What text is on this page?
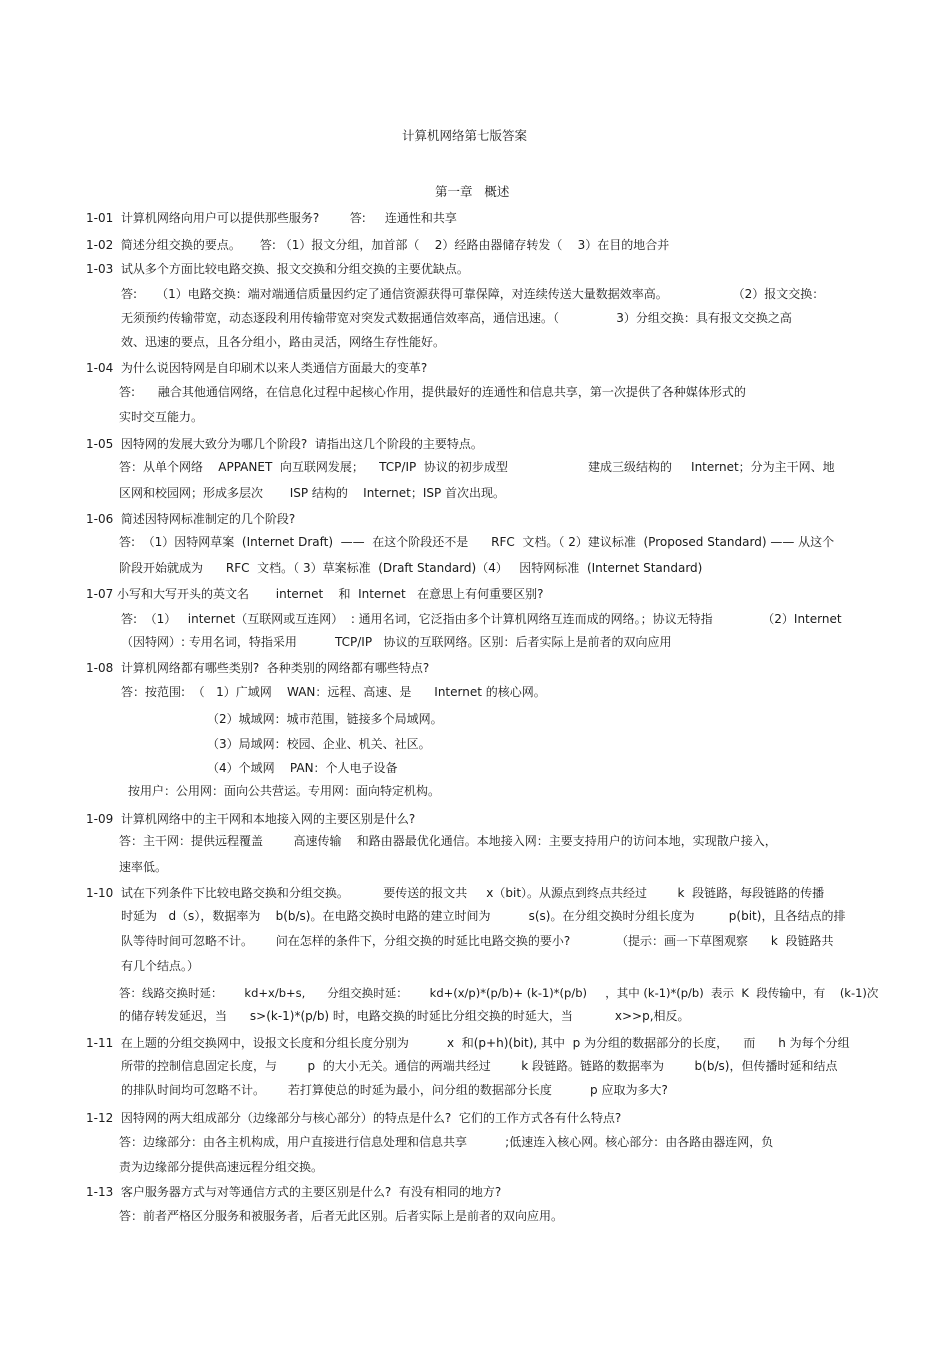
计算机网络第七版答案
第一章   概述
1-01  计算机网络向用户可以提供那些服务?        答:     连通性和共享
1-02  简述分组交换的要点。     答: （1）报文分组，加首部（    2）经路由器储存转发（    3）在目的地合并
1-03  试从多个方面比较电路交换、报文交换和分组交换的主要优缺点。
答:     （1）电路交换：端对端通信质量因约定了通信资源获得可靠保障，对连续传送大量数据效率高。                 （2）报文交换：
无须预约传输带宽，动态逐段利用传输带宽对突发式数据通信效率高，通信迅速。（               3）分组交换：具有报文交换之高
效、迅速的要点，且各分组小，路由灵活，网络生存性能好。
1-04  为什么说因特网是自印刷术以来人类通信方面最大的变革?
答:      融合其他通信网络，在信息化过程中起核心作用，提供最好的连通性和信息共享，第一次提供了各种媒体形式的
实时交互能力。
1-05  因特网的发展大致分为哪几个阶段?  请指出这几个阶段的主要特点。
答：从单个网络    APPANET  向互联网发展；    TCP/IP  协议的初步成型                     建成三级结构的     Internet；分为主干网、地
区网和校园网；形成多层次       ISP 结构的    Internet；ISP 首次出现。
1-06  简述因特网标准制定的几个阶段?
答:  （1）因特网草案  (Internet Draft)  ——  在这个阶段还不是      RFC  文档。（ 2）建议标准  (Proposed Standard) —— 从这个
阶段开始就成为      RFC  文档。（ 3）草案标准  (Draft Standard)（4）   因特网标准  (Internet Standard)
1-07 小写和大写开头的英文名       internet    和  Internet   在意思上有何重要区别?
答:  （1）   internet（互联网或互连网）  : 通用名词，它泛指由多个计算机网络互连而成的网络。；协议无特指             （2）Internet
（因特网）: 专用名词，特指采用          TCP/IP   协议的互联网络。区别：后者实际上是前者的双向应用
1-08  计算机网络都有哪些类别?  各种类别的网络都有哪些特点?
答：按范围:  （   1）广域网    WAN：远程、高速、是      Internet 的核心网。
（2）城域网：城市范围，链接多个局域网。
（3）局域网：校园、企业、机关、社区。
（4）个域网    PAN：个人电子设备
按用户：公用网：面向公共营运。专用网：面向特定机构。
1-09  计算机网络中的主干网和本地接入网的主要区别是什么?
答：主干网：提供远程覆盖        高速传输    和路由器最优化通信。本地接入网：主要支持用户的访问本地，实现散户接入，
速率低。
1-10  试在下列条件下比较电路交换和分组交换。         要传送的报文共     x（bit）。从源点到终点共经过        k  段链路，每段链路的传播
时延为   d（s），数据率为    b(b/s)。在电路交换时电路的建立时间为          s(s)。在分组交换时分组长度为         p(bit)，且各结点的排
队等待时间可忽略不计。      问在怎样的条件下，分组交换的时延比电路交换的要小?            （提示：画一下草图观察      k  段链路共
有几个结点。）
答：线路交换时延：      kd+x/b+s,      分组交换时延：      kd+(x/p)*(p/b)+ (k-1)*(p/b)     ，其中 (k-1)*(p/b)  表示  K  段传输中，有    (k-1)次
的储存转发延迟，当      s>(k-1)*(p/b) 时，电路交换的时延比分组交换的时延大，当           x>>p,相反。
1-11  在上题的分组交换网中，设报文长度和分组长度分别为          x  和(p+h)(bit), 其中  p 为分组的数据部分的长度，    而      h 为每个分组
所带的控制信息固定长度，与        p  的大小无关。通信的两端共经过        k 段链路。链路的数据率为        b(b/s)，但传播时延和结点
的排队时间均可忽略不计。      若打算使总的时延为最小，问分组的数据部分长度          p 应取为多大?
1-12  因特网的两大组成部分（边缘部分与核心部分）的特点是什么?  它们的工作方式各有什么特点?
答：边缘部分：由各主机构成，用户直接进行信息处理和信息共享          ;低速连入核心网。核心部分：由各路由器连网，负
责为边缘部分提供高速远程分组交换。
1-13  客户服务器方式与对等通信方式的主要区别是什么?  有没有相同的地方?
答：前者严格区分服务和被服务者，后者无此区别。后者实际上是前者的双向应用。
